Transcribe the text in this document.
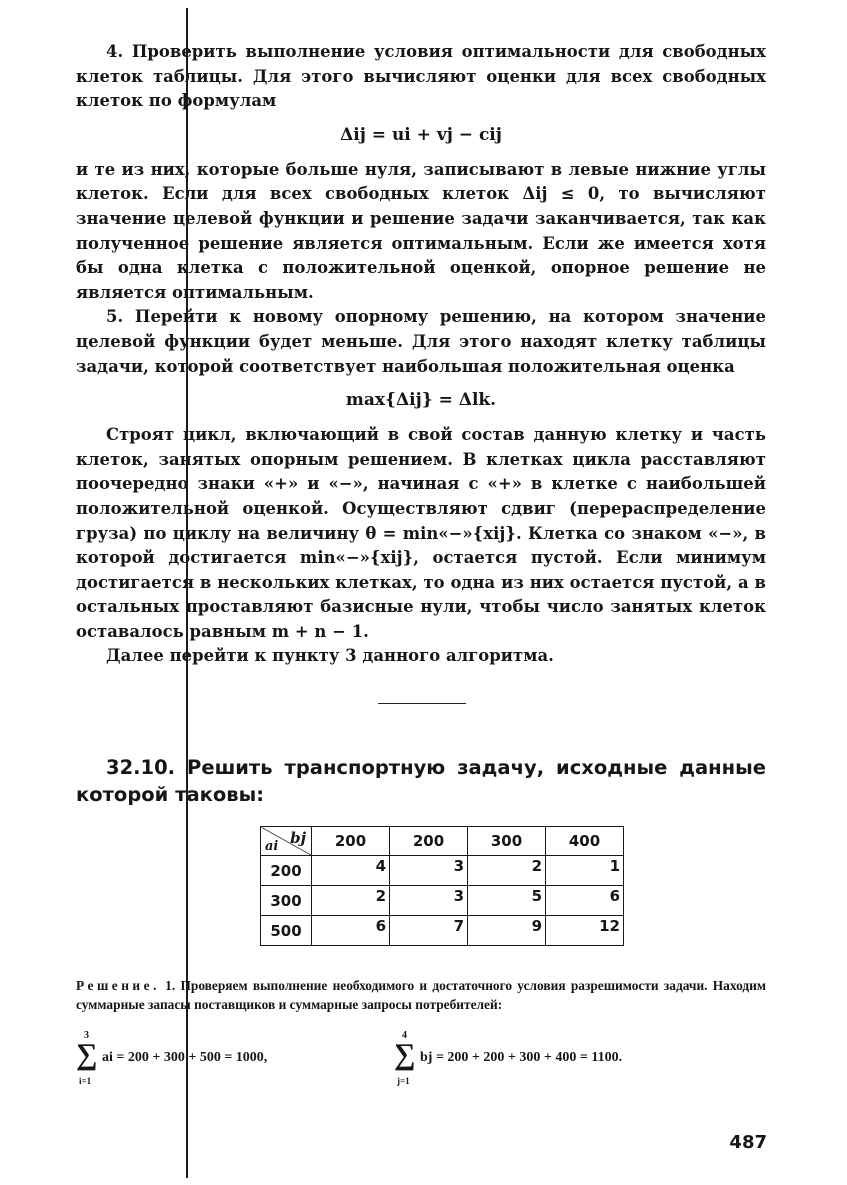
4. Проверить выполнение условия оптимальности для свободных клеток таблицы. Для этого вычисляют оценки для всех свободных клеток по формулам

Δij = ui + vj − cij

и те из них, которые больше нуля, записывают в левые нижние углы клеток. Если для всех свободных клеток Δij ≤ 0, то вычисляют значение целевой функции и решение задачи заканчивается, так как полученное решение является оптимальным. Если же имеется хотя бы одна клетка с положительной оценкой, опорное решение не является оптимальным.

5. Перейти к новому опорному решению, на котором значение целевой функции будет меньше. Для этого находят клетку таблицы задачи, которой соответствует наибольшая положительная оценка

max{Δij} = Δlk.

Строят цикл, включающий в свой состав данную клетку и часть клеток, занятых опорным решением. В клетках цикла расставляют поочередно знаки «+» и «−», начиная с «+» в клетке с наибольшей положительной оценкой. Осуществляют сдвиг (перераспределение груза) по циклу на величину θ = min«−»{xij}. Клетка со знаком «−», в которой достигается min«−»{xij}, остается пустой. Если минимум достигается в нескольких клетках, то одна из них остается пустой, а в остальных проставляют базисные нули, чтобы число занятых клеток оставалось равным m + n − 1.

Далее перейти к пункту 3 данного алгоритма.

32.10. Решить транспортную задачу, исходные данные которой таковы:
bj
ai	200	200	300	400
200	4	3	2	1
300	2	3	5	6
500	6	7	9	12
Решение. 1. Проверяем выполнение необходимого и достаточного условия разрешимости задачи. Находим суммарные запасы поставщиков и суммарные запросы потребителей:
3
∑
i=1
ai = 200 + 300 + 500 = 1000,
4
∑
j=1
bj = 200 + 200 + 300 + 400 = 1100.
487
